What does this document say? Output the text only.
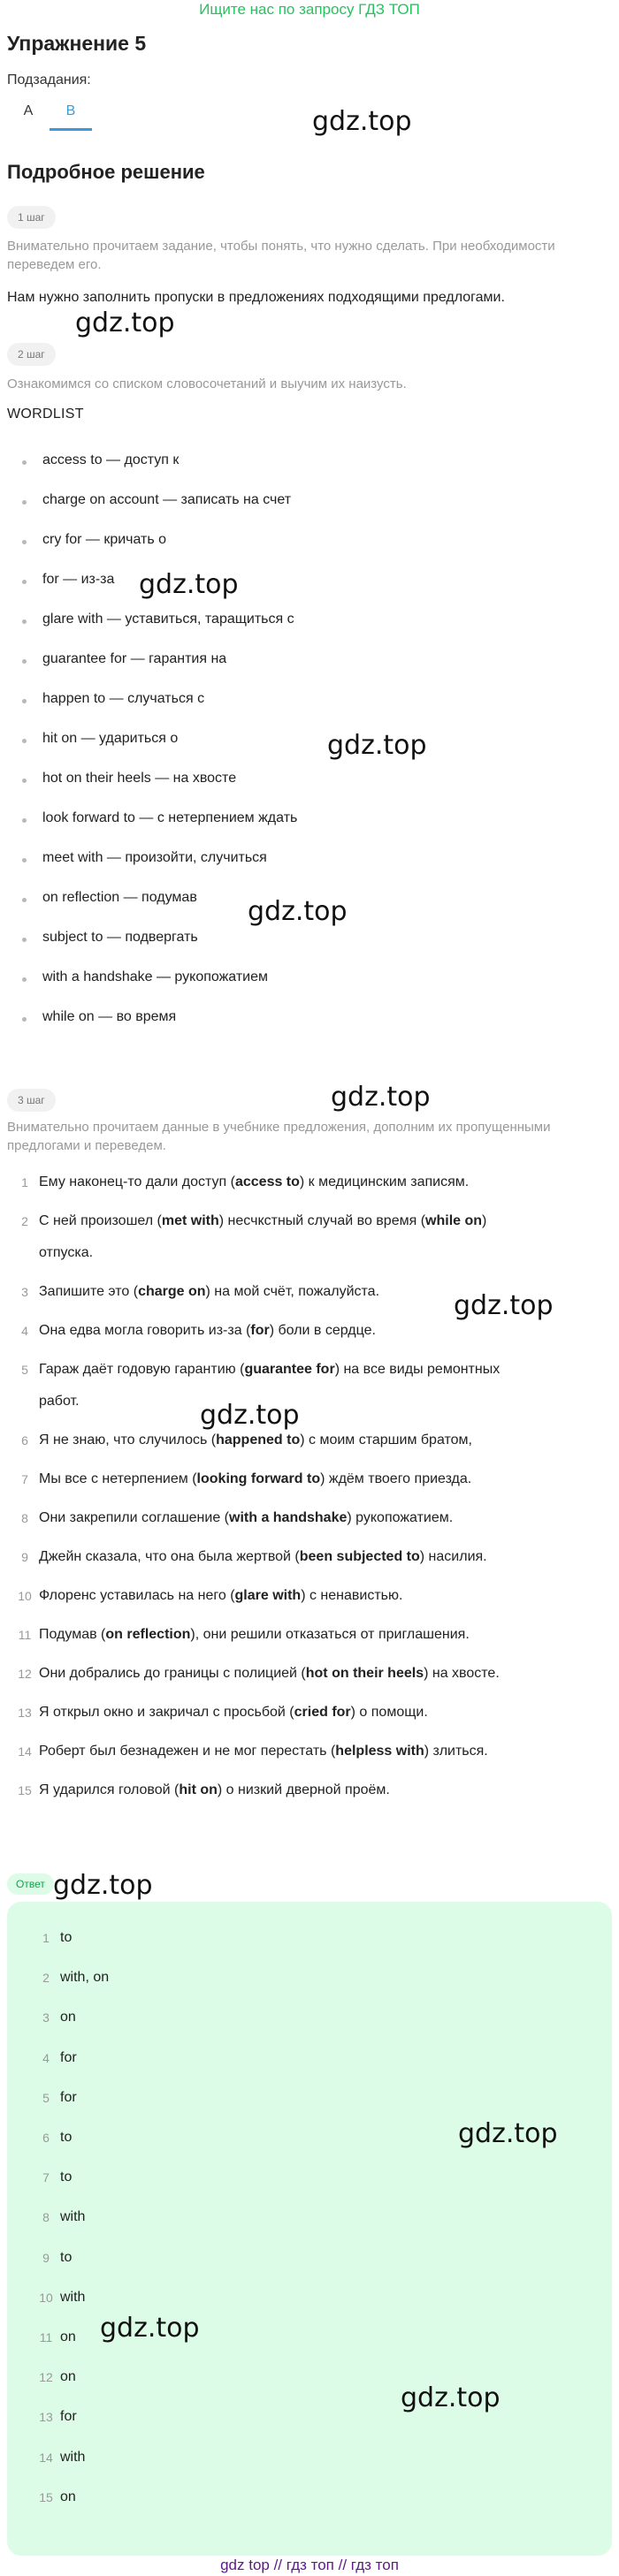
Ищите нас по запросу ГДЗ ТОП
Упражнение 5
Подзадания:
A	B
Подробное решение
1 шаг
Внимательно прочитаем задание, чтобы понять, что нужно сделать. При необходимости переведем его.
Нам нужно заполнить пропуски в предложениях подходящими предлогами.
2 шаг
Ознакомимся со списком словосочетаний и выучим их наизусть.
WORDLIST
access to — доступ к
charge on account — записать на счет
cry for — кричать о
for — из-за
glare with — уставиться, таращиться с
guarantee for — гарантия на
happen to — случаться с
hit on — удариться о
hot on their heels — на хвосте
look forward to — с нетерпением ждать
meet with — произойти, случиться
on reflection — подумав
subject to — подвергать
with a handshake — рукопожатием
while on — во время
3 шаг
Внимательно прочитаем данные в учебнике предложения, дополним их пропущенными предлогами и переведем.
1 Ему наконец-то дали доступ (access to) к медицинским записям.
2 С ней произошел (met with) несчкстный случай во время (while on)
отпуска.
3 Запишите это (charge on) на мой счёт, пожалуйста.
4 Она едва могла говорить из-за (for) боли в сердце.
5 Гараж даёт годовую гарантию (guarantee for) на все виды ремонтных
работ.
6 Я не знаю, что случилось (happened to) с моим старшим братом,
7 Мы все с нетерпением (looking forward to) ждём твоего приезда.
8 Они закрепили соглашение (with a handshake) рукопожатием.
9 Джейн сказала, что она была жертвой (been subjected to) насилия.
10 Флоренс уставилась на него (glare with) с ненавистью.
11 Подумав (on reflection), они решили отказаться от приглашения.
12 Они добрались до границы с полицией (hot on their heels) на хвосте.
13 Я открыл окно и закричал с просьбой (cried for) о помощи.
14 Роберт был безнадежен и не мог перестать (helpless with) злиться.
15 Я ударился головой (hit on) о низкий дверной проём.
Ответ
1 to
2 with, on
3 on
4 for
5 for
6 to
7 to
8 with
9 to
10 with
11 on
12 on
13 for
14 with
15 on
gdz.top
gdz.top
gdz.top
gdz.top
gdz.top
gdz.top
gdz.top
gdz.top
gdz.top
gdz.top
gdz.top
gdz.top
gdz top // гдз топ // гдз топ
